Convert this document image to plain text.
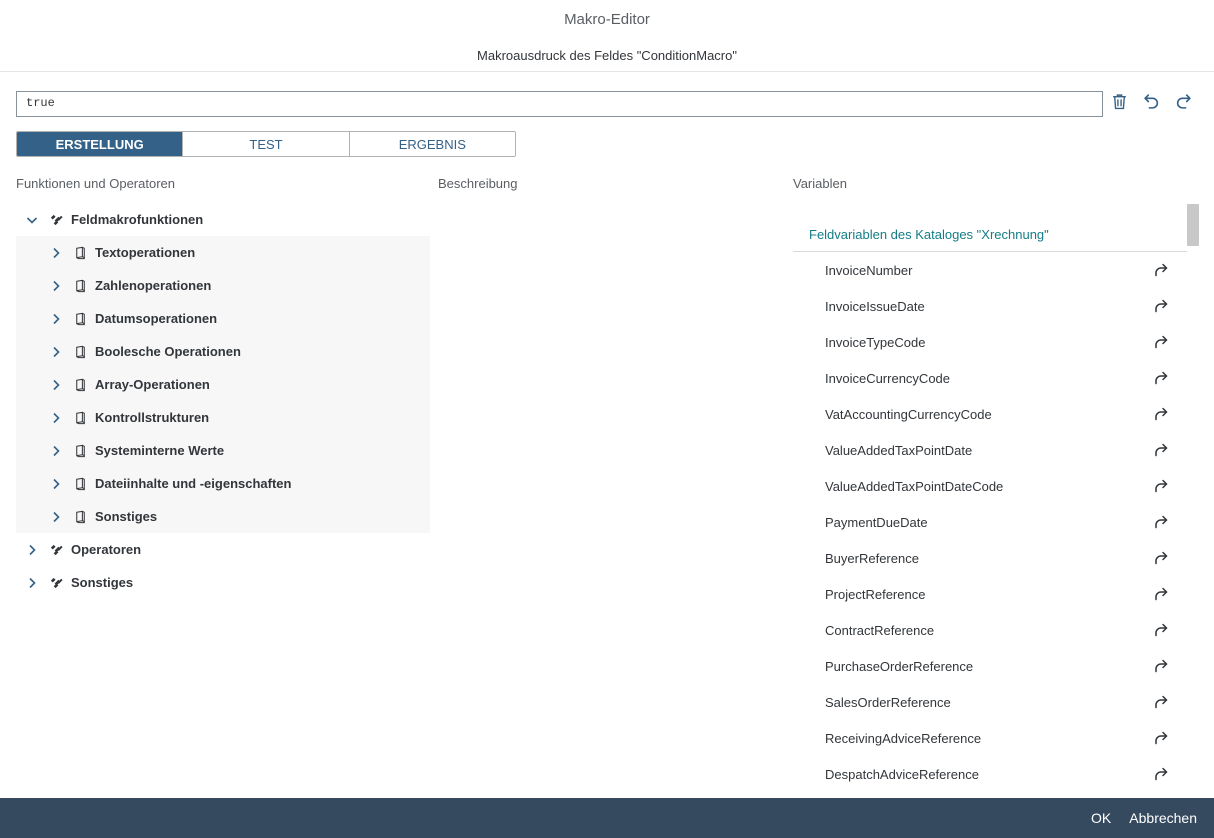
Makro-Editor
Makroausdruck des Feldes "ConditionMacro"
true
ERSTELLUNG	TEST	ERGEBNIS
Funktionen und Operatoren	Beschreibung	Variablen
Feldmakrofunktionen
Textoperationen
Zahlenoperationen
Datumsoperationen
Boolesche Operationen
Array-Operationen
Kontrollstrukturen
Systeminterne Werte
Dateiinhalte und -eigenschaften
Sonstiges
Operatoren
Sonstiges
Feldvariablen des Kataloges "Xrechnung"
InvoiceNumber
InvoiceIssueDate
InvoiceTypeCode
InvoiceCurrencyCode
VatAccountingCurrencyCode
ValueAddedTaxPointDate
ValueAddedTaxPointDateCode
PaymentDueDate
BuyerReference
ProjectReference
ContractReference
PurchaseOrderReference
SalesOrderReference
ReceivingAdviceReference
DespatchAdviceReference
OK	Abbrechen
